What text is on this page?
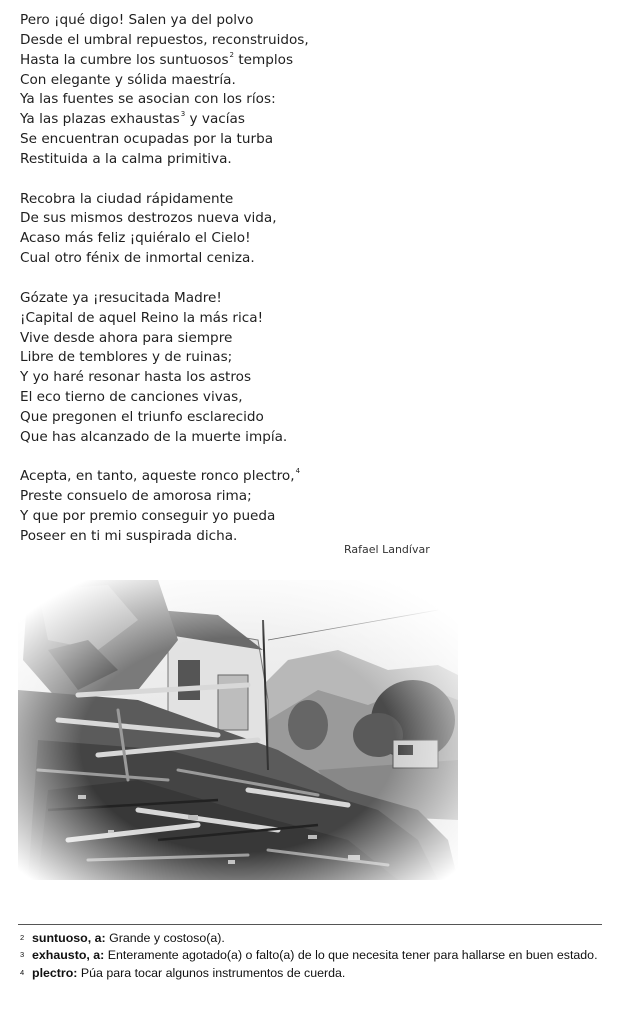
Pero ¡qué digo! Salen ya del polvo
Desde el umbral repuestos, reconstruidos,
Hasta la cumbre los suntuosos$^2$ templos
Con elegante y sólida maestría.
Ya las fuentes se asocian con los ríos:
Ya las plazas exhaustas$^3$ y vacías
Se encuentran ocupadas por la turba
Restituida a la calma primitiva.
Recobra la ciudad rápidamente
De sus mismos destrozos nueva vida,
Acaso más feliz ¡quiéralo el Cielo!
Cual otro fénix de inmortal ceniza.
Gózate ya ¡resucitada Madre!
¡Capital de aquel Reino la más rica!
Vive desde ahora para siempre
Libre de temblores y de ruinas;
Y yo haré resonar hasta los astros
El eco tierno de canciones vivas,
Que pregonen el triunfo esclarecido
Que has alcanzado de la muerte impía.
Acepta, en tanto, aqueste ronco plectro,$^4$
Preste consuelo de amorosa rima;
Y que por premio conseguir yo pueda
Poseer en ti mi suspirada dicha.
Rafael Landívar
2 suntuoso, a: Grande y costoso(a).
3 exhausto, a: Enteramente agotado(a) o falto(a) de lo que necesita tener para hallarse en buen estado.
4 plectro: Púa para tocar algunos instrumentos de cuerda.
